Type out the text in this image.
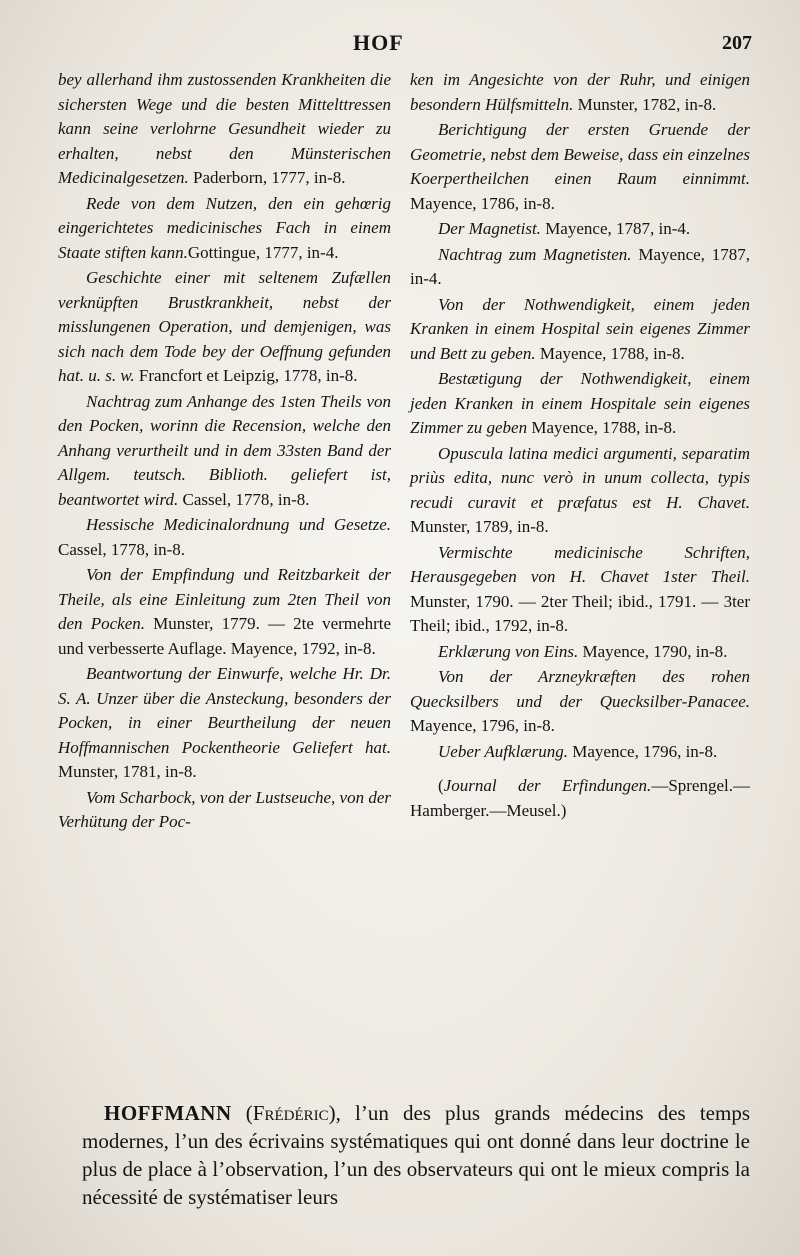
HOF	207

bey allerhand ihm zustossenden Krankheiten die sichersten Wege und die besten Mittelttressen kann seine verlohrne Gesundheit wieder zu erhalten, nebst den Münsterischen Medicinalgesetzen. Paderborn, 1777, in-8.

Rede von dem Nutzen, den ein gehœrig eingerichtetes medicinisches Fach in einem Staate stiften kann.Gottingue, 1777, in-4.

Geschichte einer mit seltenem Zufællen verknüpften Brustkrankheit, nebst der misslungenen Operation, und demjenigen, was sich nach dem Tode bey der Oeffnung gefunden hat. u. s. w. Francfort et Leipzig, 1778, in-8.

Nachtrag zum Anhange des 1sten Theils von den Pocken, worinn die Recension, welche den Anhang verurtheilt und in dem 33sten Band der Allgem. teutsch. Biblioth. geliefert ist, beantwortet wird. Cassel, 1778, in-8.

Hessische Medicinalordnung und Gesetze. Cassel, 1778, in-8.

Von der Empfindung und Reitzbarkeit der Theile, als eine Einleitung zum 2ten Theil von den Pocken. Munster, 1779. — 2te vermehrte und verbesserte Auflage. Mayence, 1792, in-8.

Beantwortung der Einwurfe, welche Hr. Dr. S. A. Unzer über die Ansteckung, besonders der Pocken, in einer Beurtheilung der neuen Hoffmannischen Pockentheorie Geliefert hat. Munster, 1781, in-8.

Vom Scharbock, von der Lustseuche, von der Verhütung der Poc-

ken im Angesichte von der Ruhr, und einigen besondern Hülfsmitteln. Munster, 1782, in-8.

Berichtigung der ersten Gruende der Geometrie, nebst dem Beweise, dass ein einzelnes Koerpertheilchen einen Raum einnimmt. Mayence, 1786, in-8.

Der Magnetist. Mayence, 1787, in-4.

Nachtrag zum Magnetisten. Mayence, 1787, in-4.

Von der Nothwendigkeit, einem jeden Kranken in einem Hospital sein eigenes Zimmer und Bett zu geben. Mayence, 1788, in-8.

Bestætigung der Nothwendigkeit, einem jeden Kranken in einem Hospitale sein eigenes Zimmer zu geben Mayence, 1788, in-8.

Opuscula latina medici argumenti, separatim priùs edita, nunc verò in unum collecta, typis recudi curavit et præfatus est H. Chavet. Munster, 1789, in-8.

Vermischte medicinische Schriften, Herausgegeben von H. Chavet 1ster Theil. Munster, 1790. — 2ter Theil; ibid., 1791. — 3ter Theil; ibid., 1792, in-8.

Erklærung von Eins. Mayence, 1790, in-8.

Von der Arzneykræften des rohen Quecksilbers und der Quecksilber-Panacee. Mayence, 1796, in-8.

Ueber Aufklærung. Mayence, 1796, in-8.

(Journal der Erfindungen.—Sprengel.—Hamberger.—Meusel.)

HOFFMANN (Frédéric), l’un des plus grands médecins des temps modernes, l’un des écrivains systématiques qui ont donné dans leur doctrine le plus de place à l’observation, l’un des observateurs qui ont le mieux compris la nécessité de systématiser leurs
